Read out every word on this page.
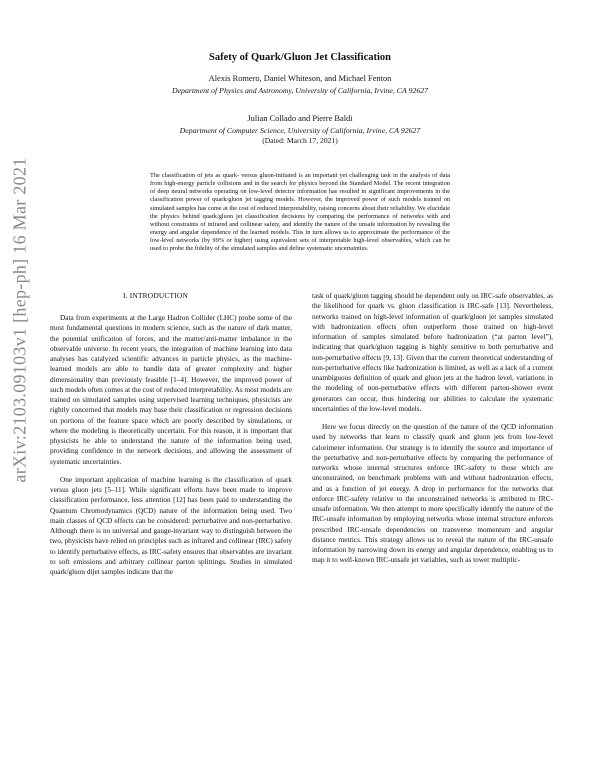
arXiv:2103.09103v1 [hep-ph] 16 Mar 2021
Safety of Quark/Gluon Jet Classification
Alexis Romero, Daniel Whiteson, and Michael Fenton
Department of Physics and Astronomy, University of California, Irvine, CA 92627
Julian Collado and Pierre Baldi
Department of Computer Science, University of California, Irvine, CA 92627
(Dated: March 17, 2021)
The classification of jets as quark- versus gluon-initiated is an important yet challenging task in the analysis of data from high-energy particle collisions and in the search for physics beyond the Standard Model. The recent integration of deep neural networks operating on low-level detector information has resulted in significant improvements in the classification power of quark/gluon jet tagging models. However, the improved power of such models trained on simulated samples has come at the cost of reduced interpretability, raising concerns about their reliability. We elucidate the physics behind quark/gluon jet classification decisions by comparing the performance of networks with and without constraints of infrared and collinear safety, and identify the nature of the unsafe information by revealing the energy and angular dependence of the learned models. This in turn allows us to approximate the performance of the low-level networks (by 99% or higher) using equivalent sets of interpretable high-level observables, which can be used to probe the fidelity of the simulated samples and define systematic uncertainties.
I. INTRODUCTION

Data from experiments at the Large Hadron Collider (LHC) probe some of the most fundamental questions in modern science, such as the nature of dark matter, the potential unification of forces, and the matter/anti-matter imbalance in the observable universe. In recent years, the integration of machine learning into data analyses has catalyzed scientific advances in particle physics, as the machine-learned models are able to handle data of greater complexity and higher dimensionality than previously feasible [1–4]. However, the improved power of such models often comes at the cost of reduced interpretability. As most models are trained on simulated samples using supervised learning techniques, physicists are rightly concerned that models may base their classification or regression decisions on portions of the feature space which are poorly described by simulations, or where the modeling is theoretically uncertain. For this reason, it is important that physicists be able to understand the nature of the information being used, providing confidence in the network decisions, and allowing the assessment of systematic uncertainties.

One important application of machine learning is the classification of quark versus gluon jets [5–11]. While significant efforts have been made to improve classification performance, less attention [12] has been paid to understanding the Quantum Chromodynamics (QCD) nature of the information being used. Two main classes of QCD effects can be considered: perturbative and non-perturbative. Although there is no universal and gauge-invariant way to distinguish between the two, physicists have relied on principles such as infrared and collinear (IRC) safety to identify perturbative effects, as IRC-safety ensures that observables are invariant to soft emissions and arbitrary collinear parton splittings. Studies in simulated quark/gluon dijet samples indicate that the

task of quark/gluon tagging should be dependent only on IRC-safe observables, as the likelihood for quark vs. gluon classification is IRC-safe [13]. Nevertheless, networks trained on high-level information of quark/gluon jet samples simulated with hadronization effects often outperform those trained on high-level information of samples simulated before hadronization (“at parton level”), indicating that quark/gluon tagging is highly sensitive to both perturbative and non-perturbative effects [9, 13]. Given that the current theoretical understanding of non-perturbative effects like hadronization is limited, as well as a lack of a current unambiguous definition of quark and gluon jets at the hadron level, variations in the modeling of non-perturbative effects with different parton-shower event generators can occur, thus hindering our abilities to calculate the systematic uncertainties of the low-level models.

Here we focus directly on the question of the nature of the QCD information used by networks that learn to classify quark and gluon jets from low-level calorimeter information. Our strategy is to identify the source and importance of the perturbative and non-perturbative effects by comparing the performance of networks whose internal structures enforce IRC-safety to those which are unconstrained, on benchmark problems with and without hadronization effects, and as a function of jet energy. A drop in performance for the networks that enforce IRC-safety relative to the unconstrained networks is attributed to IRC-unsafe information. We then attempt to more specifically identify the nature of the IRC-unsafe information by employing networks whose internal structure enforces prescribed IRC-unsafe dependencies on transverse momentum and angular distance metrics. This strategy allows us to reveal the nature of the IRC-unsafe information by narrowing down its energy and angular dependence, enabling us to map it to well-known IRC-unsafe jet variables, such as tower multiplic-
